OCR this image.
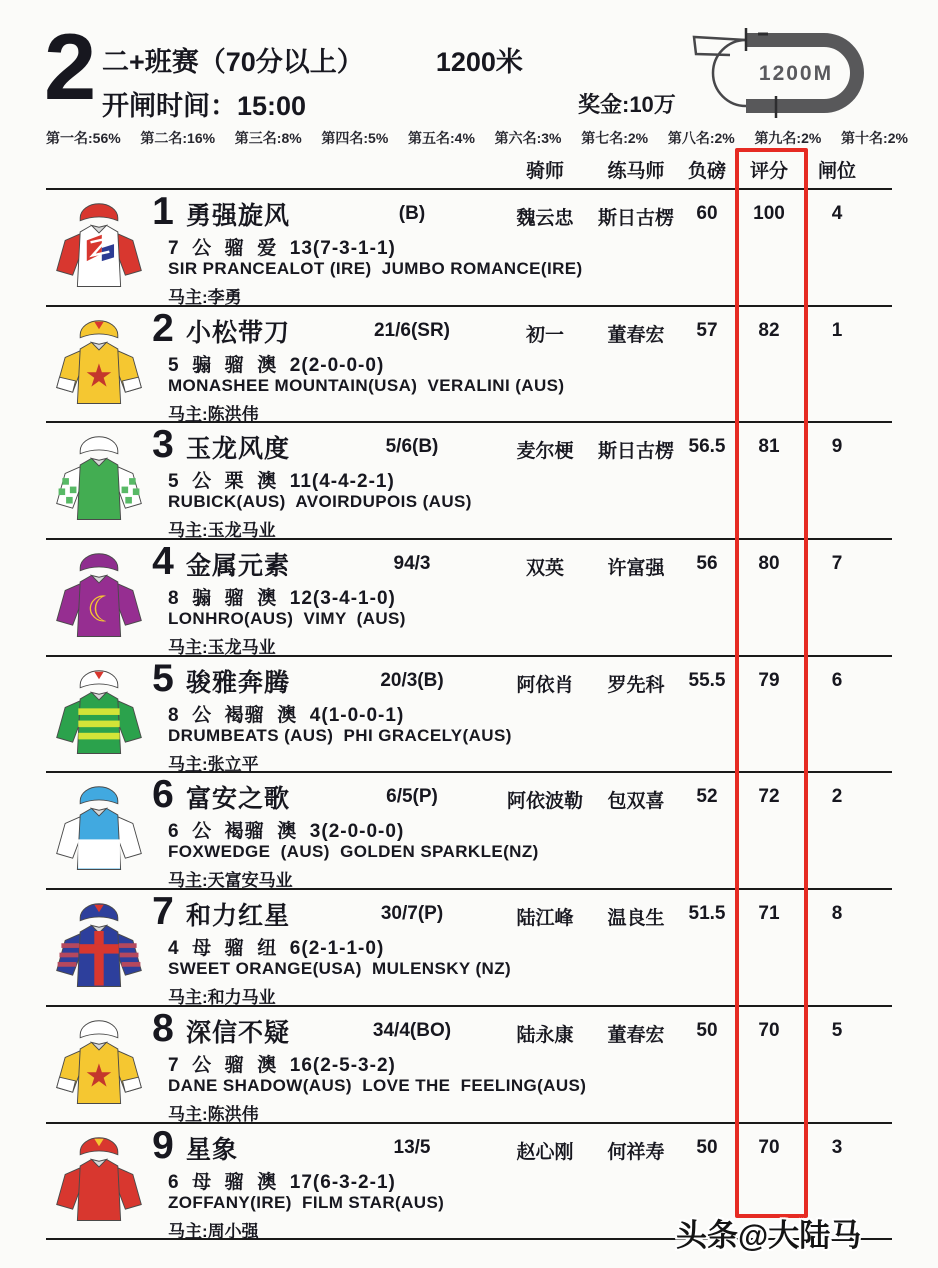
2 二+班赛（70分以上）	1200米
开闸时间：15:00	奖金:10万
1200M
第一名:56% 第二名:16% 第三名:8% 第四名:5% 第五名:4% 第六名:3% 第七名:2% 第八名:2% 第九名:2% 第十名:2%
骑师	练马师	负磅	评分	闸位
1 勇强旋风	(B)	魏云忠	斯日古楞	60	100	4
7  公  骝  爱  13(7-3-1-1)
SIR PRANCEALOT (IRE)  JUMBO ROMANCE(IRE)
马主:李勇
★
2 小松带刀	21/6(SR)	初一	董春宏	57	82	1
5  骟  骝  澳  2(2-0-0-0)
MONASHEE MOUNTAIN(USA)  VERALINI (AUS)
马主:陈洪伟
3 玉龙风度	5/6(B)	麦尔梗	斯日古楞 56.5	81	9
5  公  栗  澳  11(4-4-2-1)
RUBICK(AUS)  AVOIRDUPOIS (AUS)
马主:玉龙马业
☾
4 金属元素	94/3	双英	许富强	56	80	7
8  骟  骝  澳  12(3-4-1-0)
LONHRO(AUS)  VIMY  (AUS)
马主:玉龙马业
5 骏雅奔腾	20/3(B)	阿依肖	罗先科	55.5	79	6
8  公  褐骝  澳  4(1-0-0-1)
DRUMBEATS (AUS)  PHI GRACELY(AUS)
马主:张立平
6 富安之歌	6/5(P)	阿依波勒	包双喜	52	72	2
6  公  褐骝  澳  3(2-0-0-0)
FOXWEDGE  (AUS)  GOLDEN SPARKLE(NZ)
马主:天富安马业
7 和力红星	30/7(P)	陆江峰	温良生	51.5	71	8
4  母  骝  纽  6(2-1-1-0)
SWEET ORANGE(USA)  MULENSKY (NZ)
马主:和力马业
★
8 深信不疑	34/4(BO)	陆永康	董春宏	50	70	5
7  公  骝  澳  16(2-5-3-2)
DANE SHADOW(AUS)  LOVE THE  FEELING(AUS)
马主:陈洪伟
9 星象	13/5	赵心刚	何祥寿	50	70	3
6  母  骝  澳  17(6-3-2-1)
ZOFFANY(IRE)  FILM STAR(AUS)
马主:周小强	头条@大陆马
